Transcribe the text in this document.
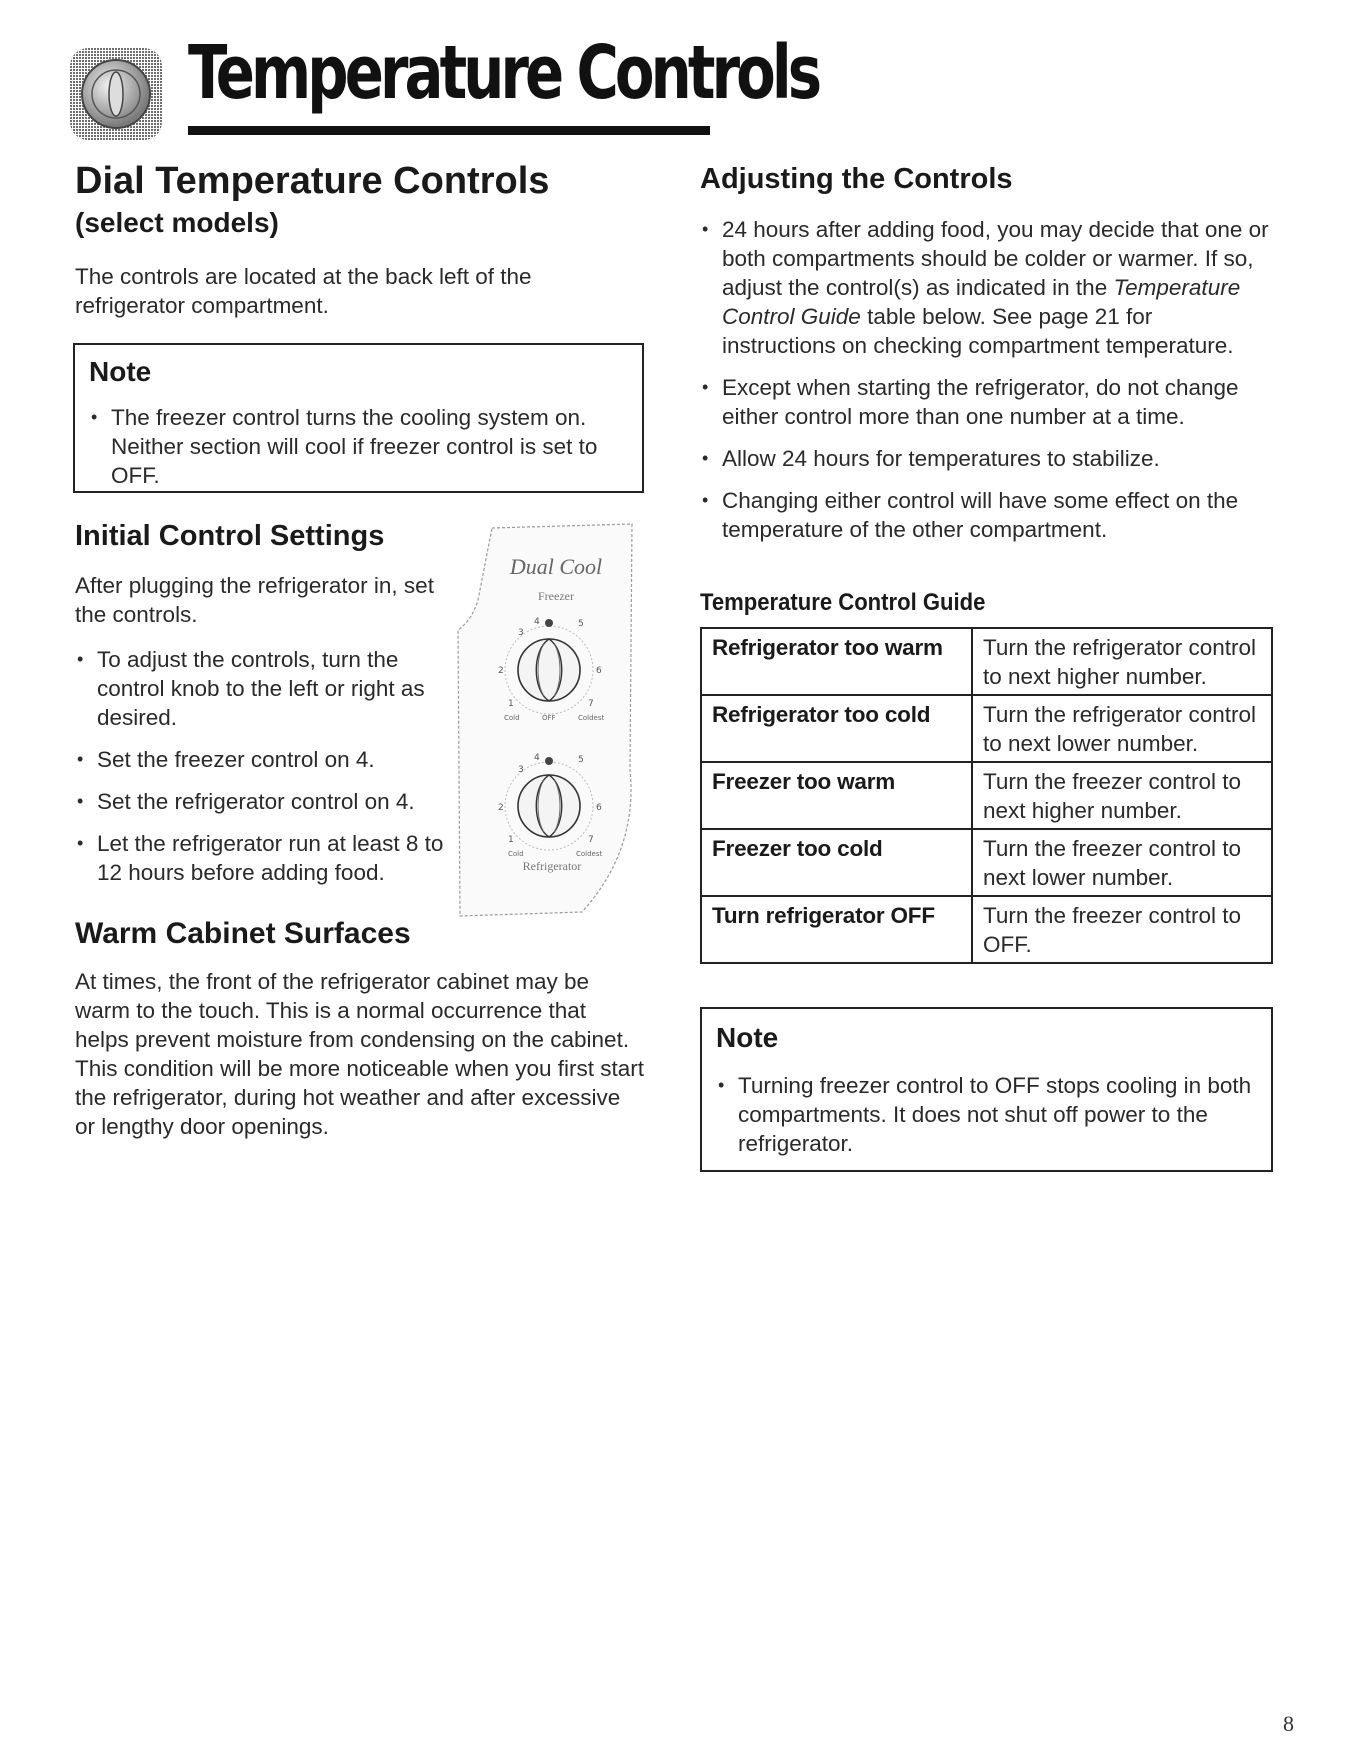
Temperature Controls
Dial Temperature Controls
(select models)

The controls are located at the back left of the refrigerator compartment.

Note
• The freezer control turns the cooling system on. Neither section will cool if freezer control is set to OFF.
Initial Control Settings

After plugging the refrigerator in, set the controls.

• To adjust the controls, turn the control knob to the left or right as desired.
• Set the freezer control on 4.
• Set the refrigerator control on 4.
• Let the refrigerator run at least 8 to 12 hours before adding food.
Dual Cool
Freezer
1
2
3
4	5
6
7
Cold	OFF	Coldest
1
2
3
4	5
6
7
Cold	Coldest
Refrigerator
Warm Cabinet Surfaces

At times, the front of the refrigerator cabinet may be warm to the touch. This is a normal occurrence that helps prevent moisture from condensing on the cabinet. This condition will be more noticeable when you first start the refrigerator, during hot weather and after excessive or lengthy door openings.

Adjusting the Controls
• 24 hours after adding food, you may decide that one or both compartments should be colder or warmer. If so, adjust the control(s) as indicated in the Temperature Control Guide table below. See page 21 for instructions on checking compartment temperature.
• Except when starting the refrigerator, do not change either control more than one number at a time.
• Allow 24 hours for temperatures to stabilize.
• Changing either control will have some effect on the temperature of the other compartment.
Temperature Control Guide
Refrigerator too warm	Turn the refrigerator control to next higher number.
Refrigerator too cold	Turn the refrigerator control to next lower number.
Freezer too warm	Turn the freezer control to next higher number.
Freezer too cold	Turn the freezer control to next lower number.
Turn refrigerator OFF	Turn the freezer control to OFF.
Note
• Turning freezer control to OFF stops cooling in both compartments. It does not shut off power to the refrigerator.
8
